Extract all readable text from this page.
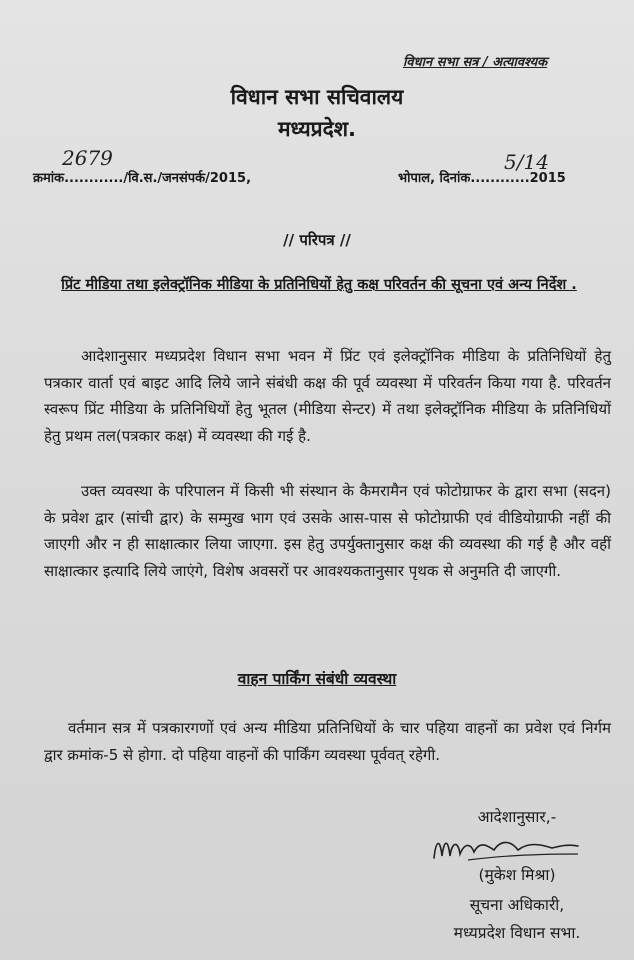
विधान सभा सत्र / अत्यावश्यक
विधान सभा सचिवालय
मध्यप्रदेश.
क्रमांक............/वि.स./जनसंपर्क/2015,
2679
भोपाल, दिनांक............2015
5/14
// परिपत्र //
प्रिंट मीडिया तथा इलेक्ट्रॉनिक मीडिया के प्रतिनिधियों हेतु कक्ष परिवर्तन की सूचना एवं अन्य निर्देश .
आदेशानुसार मध्यप्रदेश विधान सभा भवन में प्रिंट एवं इलेक्ट्रॉनिक मीडिया के प्रतिनिधियों हेतु पत्रकार वार्ता एवं बाइट आदि लिये जाने संबंधी कक्ष की पूर्व व्यवस्था में परिवर्तन किया गया है. परिवर्तन स्वरूप प्रिंट मीडिया के प्रतिनिधियों हेतु भूतल (मीडिया सेन्टर) में तथा इलेक्ट्रॉनिक मीडिया के प्रतिनिधियों हेतु प्रथम तल(पत्रकार कक्ष) में व्यवस्था की गई है.
उक्त व्यवस्था के परिपालन में किसी भी संस्थान के कैमरामैन एवं फोटोग्राफर के द्वारा सभा (सदन) के प्रवेश द्वार (सांची द्वार) के सम्मुख भाग एवं उसके आस-पास से फोटोग्राफी एवं वीडियोग्राफी नहीं की जाएगी और न ही साक्षात्कार लिया जाएगा. इस हेतु उपर्युक्तानुसार कक्ष की व्यवस्था की गई है और वहीं साक्षात्कार इत्यादि लिये जाएंगे, विशेष अवसरों पर आवश्यकतानुसार पृथक से अनुमति दी जाएगी.
वाहन पार्किंग संबंधी व्यवस्था
वर्तमान सत्र में पत्रकारगणों एवं अन्य मीडिया प्रतिनिधियों के चार पहिया वाहनों का प्रवेश एवं निर्गम द्वार क्रमांक-5 से होगा. दो पहिया वाहनों की पार्किंग व्यवस्था पूर्ववत् रहेगी.
आदेशानुसार,-
(मुकेश मिश्रा)
सूचना अधिकारी,
मध्यप्रदेश विधान सभा.
